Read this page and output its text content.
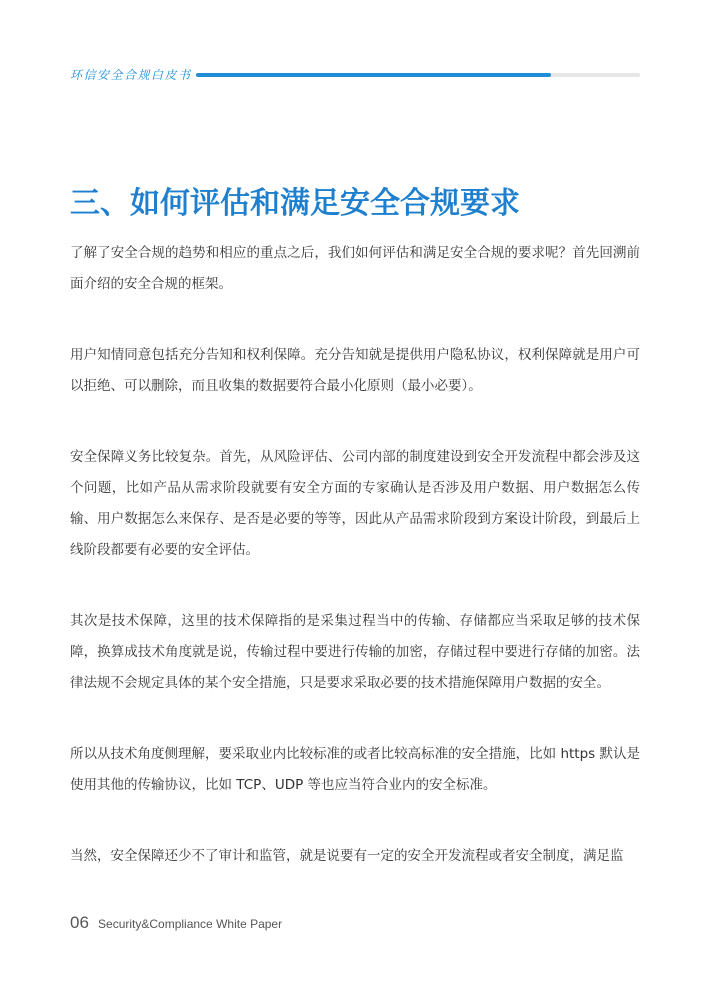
环信安全合规白皮书
三、如何评估和满足安全合规要求

了解了安全合规的趋势和相应的重点之后，我们如何评估和满足安全合规的要求呢？首先回溯前面介绍的安全合规的框架。

用户知情同意包括充分告知和权利保障。充分告知就是提供用户隐私协议，权利保障就是用户可以拒绝、可以删除，而且收集的数据要符合最小化原则（最小必要）。

安全保障义务比较复杂。首先，从风险评估、公司内部的制度建设到安全开发流程中都会涉及这个问题，比如产品从需求阶段就要有安全方面的专家确认是否涉及用户数据、用户数据怎么传输、用户数据怎么来保存、是否是必要的等等，因此从产品需求阶段到方案设计阶段，到最后上线阶段都要有必要的安全评估。

其次是技术保障，这里的技术保障指的是采集过程当中的传输、存储都应当采取足够的技术保障，换算成技术角度就是说，传输过程中要进行传输的加密，存储过程中要进行存储的加密。法律法规不会规定具体的某个安全措施，只是要求采取必要的技术措施保障用户数据的安全。

所以从技术角度侧理解，要采取业内比较标准的或者比较高标准的安全措施，比如 https 默认是使用其他的传输协议，比如 TCP、UDP 等也应当符合业内的安全标准。

当然，安全保障还少不了审计和监管，就是说要有一定的安全开发流程或者安全制度，满足监

06 Security&Compliance White Paper
